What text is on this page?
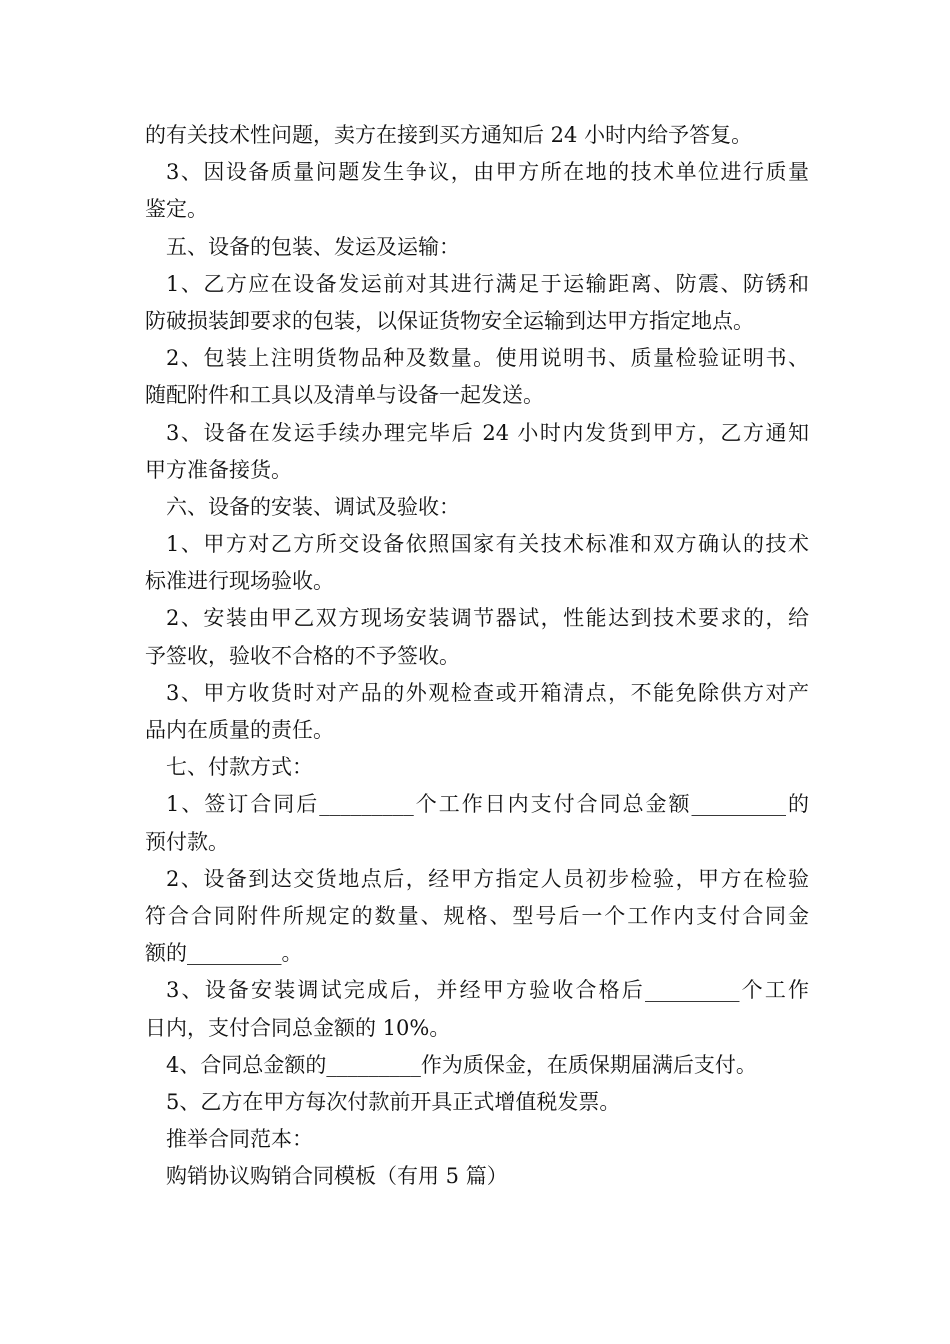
的有关技术性问题，卖方在接到买方通知后 24 小时内给予答复。
3、因设备质量问题发生争议，由甲方所在地的技术单位进行质量
鉴定。
五、设备的包装、发运及运输：
1、乙方应在设备发运前对其进行满足于运输距离、防震、防锈和
防破损装卸要求的包装，以保证货物安全运输到达甲方指定地点。
2、包装上注明货物品种及数量。使用说明书、质量检验证明书、
随配附件和工具以及清单与设备一起发送。
3、设备在发运手续办理完毕后 24 小时内发货到甲方，乙方通知
甲方准备接货。
六、设备的安装、调试及验收：
1、甲方对乙方所交设备依照国家有关技术标准和双方确认的技术
标准进行现场验收。
2、安装由甲乙双方现场安装调节器试，性能达到技术要求的，给
予签收，验收不合格的不予签收。
3、甲方收货时对产品的外观检查或开箱清点，不能免除供方对产
品内在质量的责任。
七、付款方式：
1、签订合同后_________个工作日内支付合同总金额_________的
预付款。
2、设备到达交货地点后，经甲方指定人员初步检验，甲方在检验
符合合同附件所规定的数量、规格、型号后一个工作内支付合同金
额的_________。
3、设备安装调试完成后，并经甲方验收合格后_________个工作
日内，支付合同总金额的 10%。
4、合同总金额的_________作为质保金，在质保期届满后支付。
5、乙方在甲方每次付款前开具正式增值税发票。
推举合同范本：
购销协议购销合同模板（有用 5 篇）
